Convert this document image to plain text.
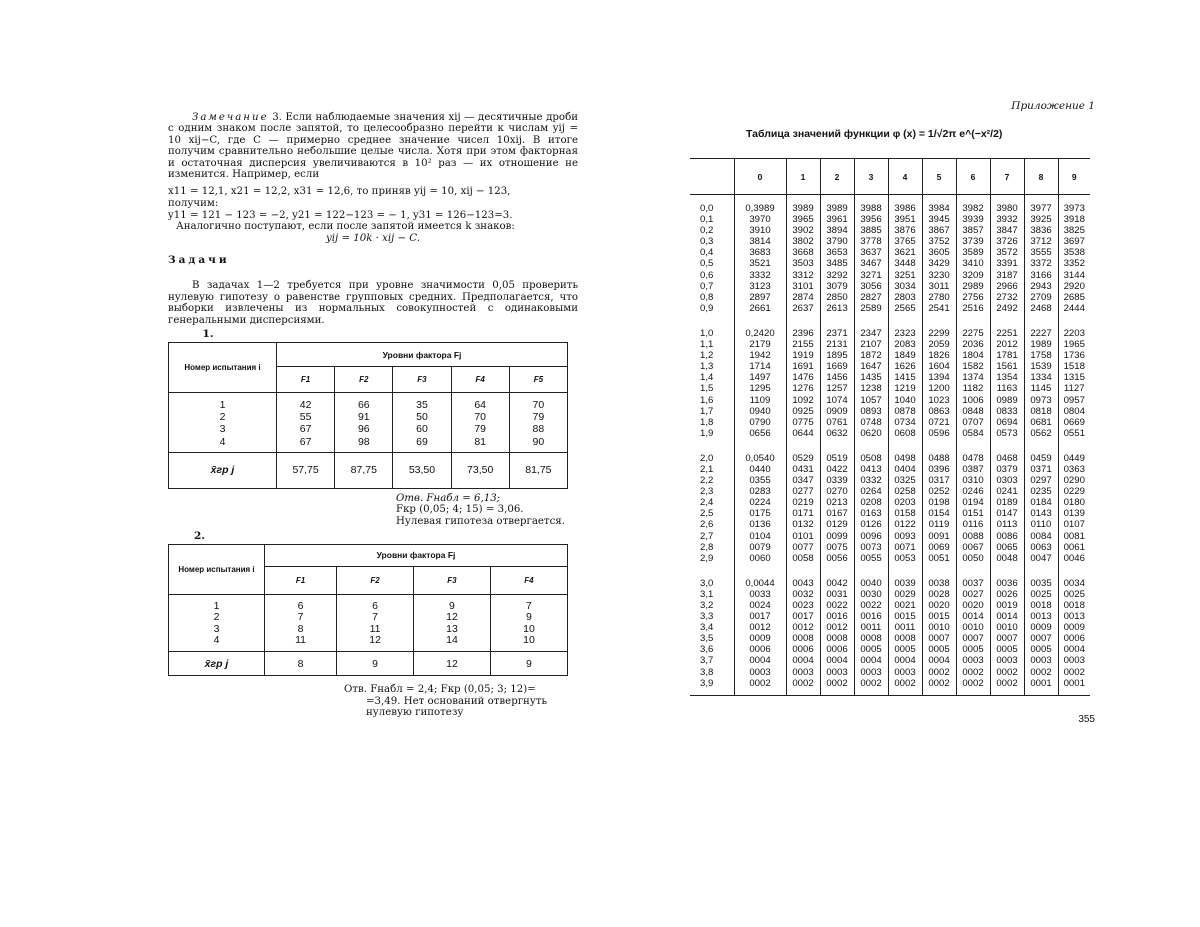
Замечание 3. Если наблюдаемые значения xij — десятичные дроби с одним знаком после запятой, то целесообразно перейти к числам yij = 10 xij−C, где C — примерно среднее значение чисел 10xij. В итоге получим сравнительно небольшие целые числа. Хотя при этом факторная и остаточная дисперсия увеличиваются в 10² раз — их отношение не изменится. Например, если

x11 = 12,1, x21 = 12,2, x31 = 12,6, то приняв yij = 10, xij − 123,
получим:
y11 = 121 − 123 = −2, y21 = 122−123 = − 1, y31 = 126−123=3.
Аналогично поступают, если после запятой имеется k знаков:
yij = 10k · xij − C.
Задачи

В задачах 1—2 требуется при уровне значимости 0,05 проверить нулевую гипотезу о равенстве групповых средних. Предполагается, что выборки извлечены из нормальных совокупностей с одинаковыми генеральными дисперсиями.

1.
Номер испытания i	Уровни фактора Fj
F1	F2	F3	F4	F5
1
2
3
4	42
55
67
67	66
91
96
98	35
50
60
69	64
70
79
81	70
79
88
90
x̄гр j	57,75	87,75	53,50	73,50	81,75
Отв. Fнабл = 6,13;
Fкр (0,05; 4; 15) = 3,06.
Нулевая гипотеза отвергается.
2.
Номер испытания i	Уровни фактора Fj
F1	F2	F3	F4
1
2
3
4	6
7
8
11	6
7
11
12	9
12
13
14	7
9
10
10
x̄гр j	8	9	12	9
Отв. Fнабл = 2,4; Fкр (0,05; 3; 12)=
=3,49. Нет оснований отвергнуть нулевую гипотезу
Приложение 1
Таблица значений функции φ (x) = 1/√2π e^(−x²/2)
	0	1	2	3	4	5	6	7	8	9
0,0
0,1
0,2
0,3
0,4
0,5
0,6
0,7
0,8
0,9	0,3989
3970
3910
3814
3683
3521
3332
3123
2897
2661	3989
3965
3902
3802
3668
3503
3312
3101
2874
2637	3989
3961
3894
3790
3653
3485
3292
3079
2850
2613	3988
3956
3885
3778
3637
3467
3271
3056
2827
2589	3986
3951
3876
3765
3621
3448
3251
3034
2803
2565	3984
3945
3867
3752
3605
3429
3230
3011
2780
2541	3982
3939
3857
3739
3589
3410
3209
2989
2756
2516	3980
3932
3847
3726
3572
3391
3187
2966
2732
2492	3977
3925
3836
3712
3555
3372
3166
2943
2709
2468	3973
3918
3825
3697
3538
3352
3144
2920
2685
2444
1,0
1,1
1,2
1,3
1,4
1,5
1,6
1,7
1,8
1,9	0,2420
2179
1942
1714
1497
1295
1109
0940
0790
0656	2396
2155
1919
1691
1476
1276
1092
0925
0775
0644	2371
2131
1895
1669
1456
1257
1074
0909
0761
0632	2347
2107
1872
1647
1435
1238
1057
0893
0748
0620	2323
2083
1849
1626
1415
1219
1040
0878
0734
0608	2299
2059
1826
1604
1394
1200
1023
0863
0721
0596	2275
2036
1804
1582
1374
1182
1006
0848
0707
0584	2251
2012
1781
1561
1354
1163
0989
0833
0694
0573	2227
1989
1758
1539
1334
1145
0973
0818
0681
0562	2203
1965
1736
1518
1315
1127
0957
0804
0669
0551
2,0
2,1
2,2
2,3
2,4
2,5
2,6
2,7
2,8
2,9	0,0540
0440
0355
0283
0224
0175
0136
0104
0079
0060	0529
0431
0347
0277
0219
0171
0132
0101
0077
0058	0519
0422
0339
0270
0213
0167
0129
0099
0075
0056	0508
0413
0332
0264
0208
0163
0126
0096
0073
0055	0498
0404
0325
0258
0203
0158
0122
0093
0071
0053	0488
0396
0317
0252
0198
0154
0119
0091
0069
0051	0478
0387
0310
0246
0194
0151
0116
0088
0067
0050	0468
0379
0303
0241
0189
0147
0113
0086
0065
0048	0459
0371
0297
0235
0184
0143
0110
0084
0063
0047	0449
0363
0290
0229
0180
0139
0107
0081
0061
0046
3,0
3,1
3,2
3,3
3,4
3,5
3,6
3,7
3,8
3,9	0,0044
0033
0024
0017
0012
0009
0006
0004
0003
0002	0043
0032
0023
0017
0012
0008
0006
0004
0003
0002	0042
0031
0022
0016
0012
0008
0006
0004
0003
0002	0040
0030
0022
0016
0011
0008
0005
0004
0003
0002	0039
0029
0021
0015
0011
0008
0005
0004
0003
0002	0038
0028
0020
0015
0010
0007
0005
0004
0002
0002	0037
0027
0020
0014
0010
0007
0005
0003
0002
0002	0036
0026
0019
0014
0010
0007
0005
0003
0002
0002	0035
0025
0018
0013
0009
0007
0005
0003
0002
0001	0034
0025
0018
0013
0009
0006
0004
0003
0002
0001
355
